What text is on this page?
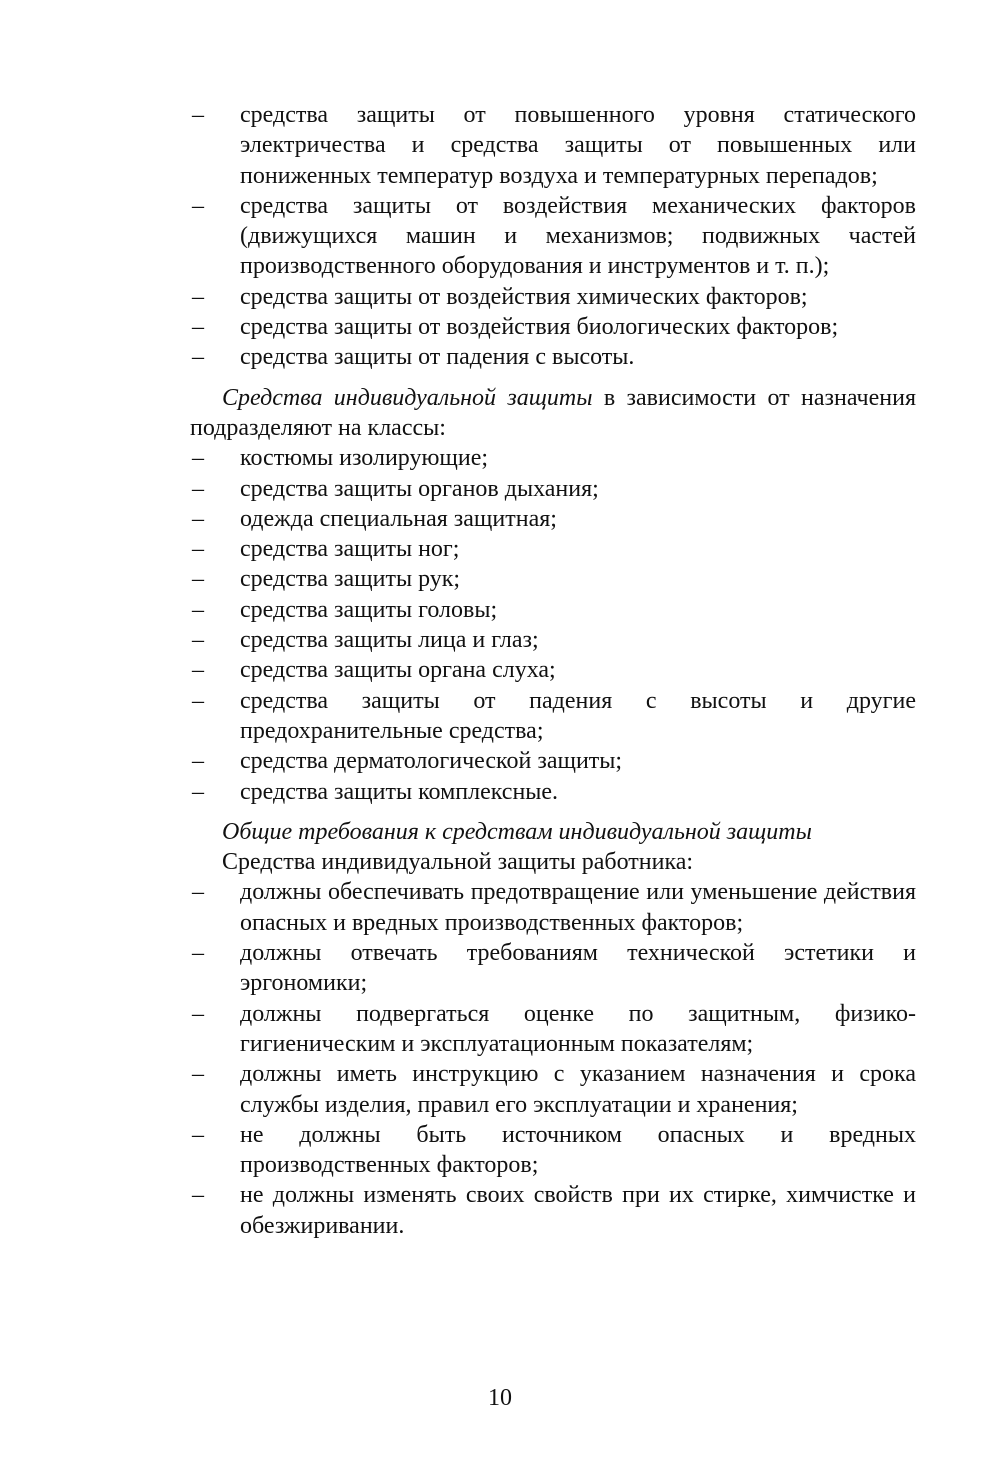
– средства защиты от повышенного уровня статического электричества и средства защиты от повышенных или пониженных температур воздуха и температурных перепадов;
– средства защиты от воздействия механических факторов (движущихся машин и механизмов; подвижных частей производственного оборудования и инструментов и т. п.);
– средства защиты от воздействия химических факторов;
– средства защиты от воздействия биологических факторов;
– средства защиты от падения с высоты.
Средства индивидуальной защиты в зависимости от назначения подразделяют на классы:
– костюмы изолирующие;
– средства защиты органов дыхания;
– одежда специальная защитная;
– средства защиты ног;
– средства защиты рук;
– средства защиты головы;
– средства защиты лица и глаз;
– средства защиты органа слуха;
– средства защиты от падения с высоты и другие предохранительные средства;
– средства дерматологической защиты;
– средства защиты комплексные.
Общие требования к средствам индивидуальной защиты
Средства индивидуальной защиты работника:
– должны обеспечивать предотвращение или уменьшение действия опасных и вредных производственных факторов;
– должны отвечать требованиям технической эстетики и эргономики;
– должны подвергаться оценке по защитным, физико-гигиеническим и эксплуатационным показателям;
– должны иметь инструкцию с указанием назначения и срока службы изделия, правил его эксплуатации и хранения;
– не должны быть источником опасных и вредных производственных факторов;
– не должны изменять своих свойств при их стирке, химчистке и обезжиривании.
10
